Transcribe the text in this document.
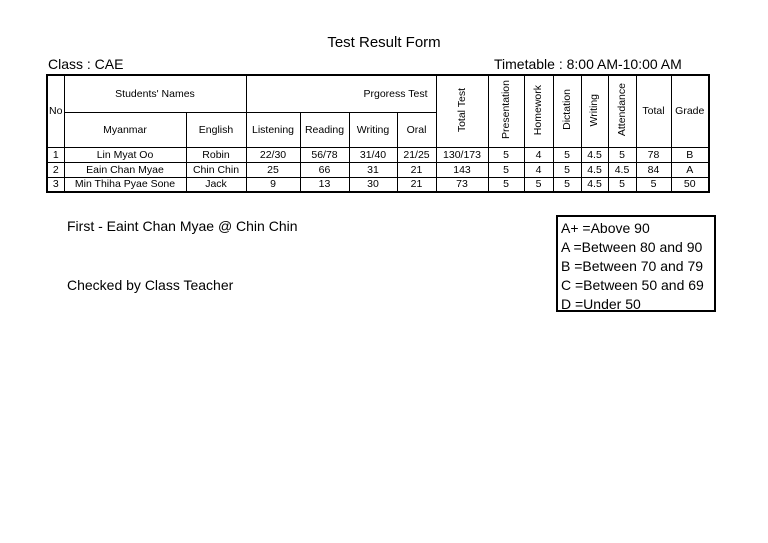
Test Result Form
Class : CAE	Timetable : 8:00 AM-10:00 AM
No	Students' Names		Prgoress Test				Total Test	Presentation	Homework	Dictation	Writing	Attendance	Total	Grade
	Myanmar	English	Listening	Reading	Writing	Oral								
1	Lin Myat Oo	Robin	22/30	56/78	31/40	21/25	130/173	5	4	5	4.5	5	78	B
2	Eain Chan Myae	Chin Chin	25	66	31	21	143	5	4	5	4.5	4.5	84	A
3	Min Thiha Pyae Sone	Jack	9	13	30	21	73	5	5	5	4.5	5	5	50
First - Eaint Chan Myae @ Chin Chin
Checked by Class Teacher
A+ =Above 90
A =Between 80 and 90
B =Between 70 and 79
C =Between 50 and 69
D =Under 50
